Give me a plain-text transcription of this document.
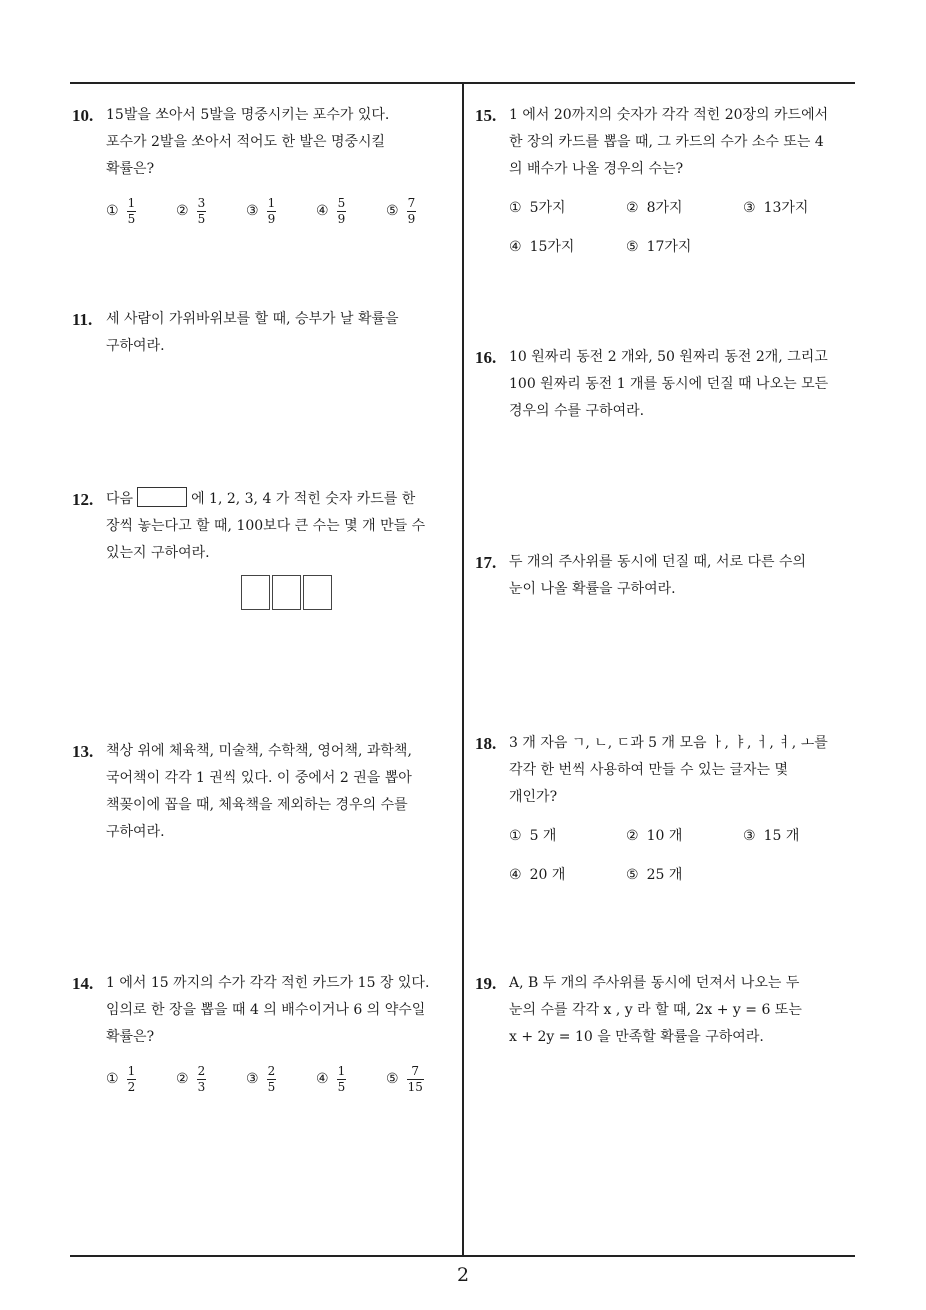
10. 15발을 쏘아서 5발을 명중시키는 포수가 있다.
포수가 2발을 쏘아서 적어도 한 발은 명중시킬
확률은?
① $\frac{1}{5}$	② $\frac{3}{5}$	③ $\frac{1}{9}$	④ $\frac{5}{9}$	⑤ $\frac{7}{9}$
11. 세 사람이 가위바위보를 할 때, 승부가 날 확률을
구하여라.
12. 다음	에 1, 2, 3, 4 가 적힌 숫자 카드를 한
장씩 놓는다고 할 때, 100보다 큰 수는 몇 개 만들 수
있는지 구하여라.
13. 책상 위에 체육책, 미술책, 수학책, 영어책, 과학책,
국어책이 각각 1 권씩 있다. 이 중에서 2 권을 뽑아
책꽂이에 꼽을 때, 체육책을 제외하는 경우의 수를
구하여라.
14. 1 에서 15 까지의 수가 각각 적힌 카드가 15 장 있다.
임의로 한 장을 뽑을 때 4 의 배수이거나 6 의 약수일
확률은?
① $\frac{1}{2}$	② $\frac{2}{3}$	③ $\frac{2}{5}$	④ $\frac{1}{5}$	⑤ $\frac{7}{15}$
15. 1 에서 20까지의 숫자가 각각 적힌 20장의 카드에서
한 장의 카드를 뽑을 때, 그 카드의 수가 소수 또는 4
의 배수가 나올 경우의 수는?
① 5가지	② 8가지	③ 13가지
④ 15가지	⑤ 17가지
16. 10 원짜리 동전 2 개와, 50 원짜리 동전 2개, 그리고
100 원짜리 동전 1 개를 동시에 던질 때 나오는 모든
경우의 수를 구하여라.
17. 두 개의 주사위를 동시에 던질 때, 서로 다른 수의
눈이 나올 확률을 구하여라.
18. 3 개 자음 ㄱ, ㄴ, ㄷ과 5 개 모음 ㅏ, ㅑ, ㅓ, ㅕ, ㅗ를
각각 한 번씩 사용하여 만들 수 있는 글자는 몇
개인가?
① 5 개	② 10 개	③ 15 개
④ 20 개	⑤ 25 개
19. A, B 두 개의 주사위를 동시에 던져서 나오는 두
눈의 수를 각각 x , y 라 할 때, 2x + y = 6 또는
x + 2y = 10 을 만족할 확률을 구하여라.
2
